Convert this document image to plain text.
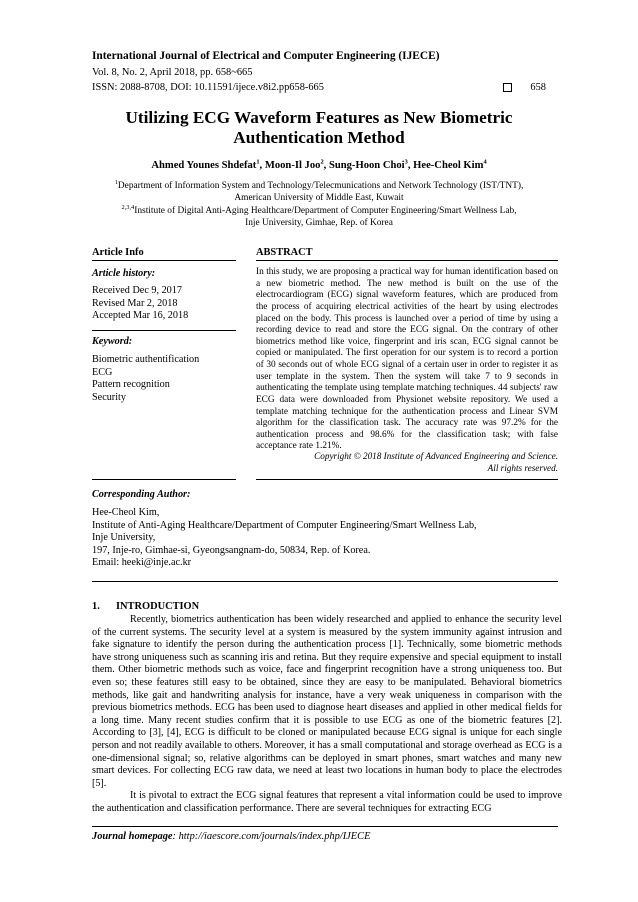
International Journal of Electrical and Computer Engineering (IJECE)
Vol. 8, No. 2, April 2018, pp. 658~665
ISSN: 2088-8708, DOI: 10.11591/ijece.v8i2.pp658-665	658
Utilizing ECG Waveform Features as New Biometric
Authentication Method
Ahmed Younes Shdefat$^1$, Moon-Il Joo$^2$, Sung-Hoon Choi$^3$, Hee-Cheol Kim$^4$
$^1$Department of Information System and Technology/Telecmunications and Network Technology (IST/TNT),
American University of Middle East, Kuwait
$^{2,3,4}$Institute of Digital Anti-Aging Healthcare/Department of Computer Engineering/Smart Wellness Lab,
Inje University, Gimhae, Rep. of Korea
Article Info
Article history:
Received Dec 9, 2017
Revised Mar 2, 2018
Accepted Mar 16, 2018
Keyword:
Biometric authentification
ECG
Pattern recognition
Security
ABSTRACT
In this study, we are proposing a practical way for human identification based on a new biometric method. The new method is built on the use of the electrocardiogram (ECG) signal waveform features, which are produced from the process of acquiring electrical activities of the heart by using electrodes placed on the body. This process is launched over a period of time by using a recording device to read and store the ECG signal. On the contrary of other biometrics method like voice, fingerprint and iris scan, ECG signal cannot be copied or manipulated. The first operation for our system is to record a portion of 30 seconds out of whole ECG signal of a certain user in order to register it as user template in the system. Then the system will take 7 to 9 seconds in authenticating the template using template matching techniques. 44 subjects' raw ECG data were downloaded from Physionet website repository. We used a template matching technique for the authentication process and Linear SVM algorithm for the classification task. The accuracy rate was 97.2% for the authentication process and 98.6% for the classification task; with false acceptance rate 1.21%.
Copyright © 2018 Institute of Advanced Engineering and Science.
All rights reserved.
Corresponding Author:
Hee-Cheol Kim,
Institute of Anti-Aging Healthcare/Department of Computer Engineering/Smart Wellness Lab,
Inje University,
197, Inje-ro, Gimhae-si, Gyeongsangnam-do, 50834, Rep. of Korea.
Email: heeki@inje.ac.kr
1. INTRODUCTION
Recently, biometrics authentication has been widely researched and applied to enhance the security level of the current systems. The security level at a system is measured by the system immunity against intrusion and fake signature to identify the person during the authentication process [1]. Technically, some biometric methods have strong uniqueness such as scanning iris and retina. But they require expensive and special equipment to install them. Other biometric methods such as voice, face and fingerprint recognition have a strong uniqueness too. But even so; these features still easy to be obtained, since they are easy to be manipulated. Behavioral biometrics methods, like gait and handwriting analysis for instance, have a very weak uniqueness in comparison with the previous biometrics methods. ECG has been used to diagnose heart diseases and applied in other medical fields for a long time. Many recent studies confirm that it is possible to use ECG as one of the biometric features [2]. According to [3], [4], ECG is difficult to be cloned or manipulated because ECG signal is unique for each single person and not readily available to others. Moreover, it has a small computational and storage overhead as ECG is a one-dimensional signal; so, relative algorithms can be deployed in smart phones, smart watches and many new smart devices. For collecting ECG raw data, we need at least two locations in human body to place the electrodes [5].
It is pivotal to extract the ECG signal features that represent a vital information could be used to improve the authentication and classification performance. There are several techniques for extracting ECG
Journal homepage: http://iaescore.com/journals/index.php/IJECE
